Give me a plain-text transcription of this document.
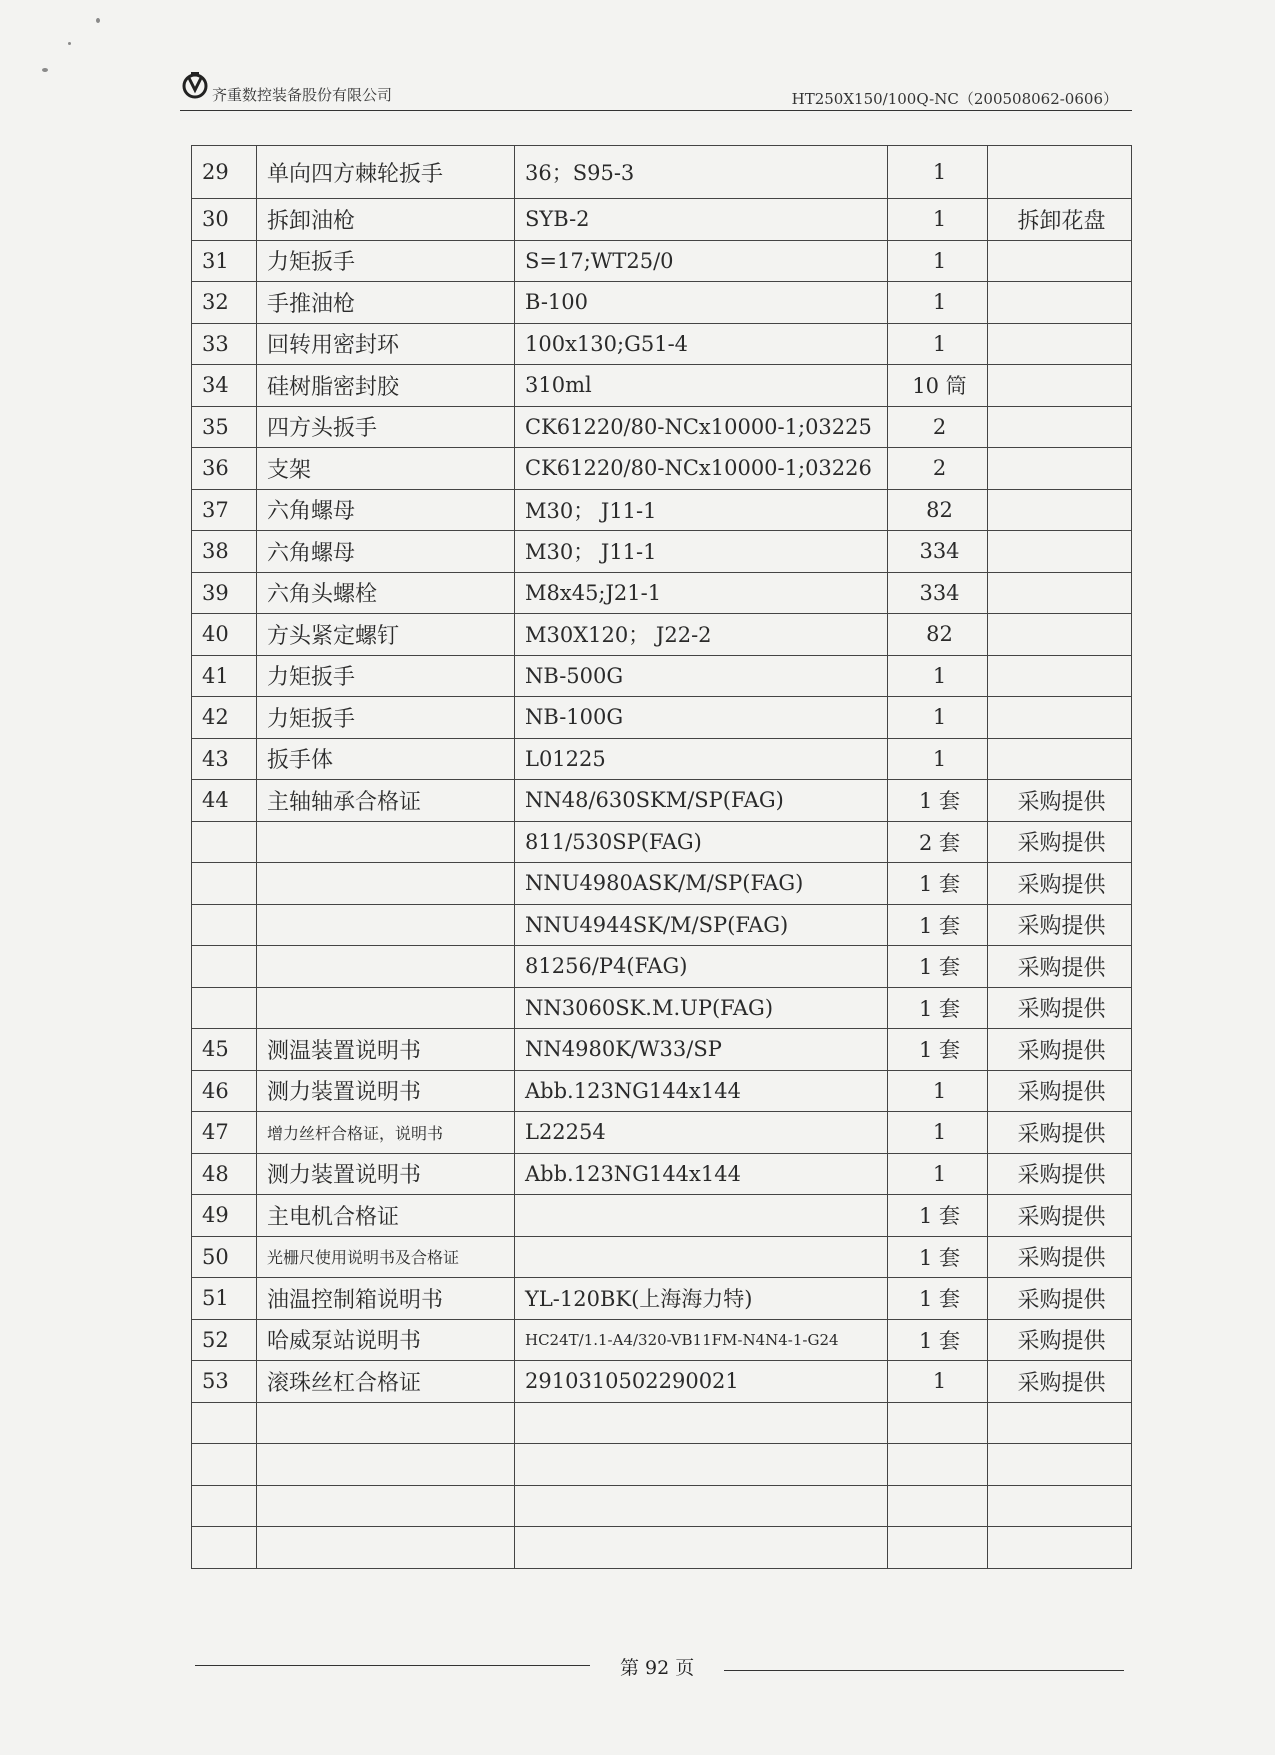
齐重数控装备股份有限公司	HT250X150/100Q-NC（200508062-0606）
29	单向四方棘轮扳手	36；S95-3	1	
30	拆卸油枪	SYB-2	1	拆卸花盘
31	力矩扳手	S=17;WT25/0	1	
32	手推油枪	B-100	1	
33	回转用密封环	100x130;G51-4	1	
34	硅树脂密封胶	310ml	10 筒	
35	四方头扳手	CK61220/80-NCx10000-1;03225	2	
36	支架	CK61220/80-NCx10000-1;03226	2	
37	六角螺母	M30； J11-1	82	
38	六角螺母	M30； J11-1	334	
39	六角头螺栓	M8x45;J21-1	334	
40	方头紧定螺钉	M30X120； J22-2	82	
41	力矩扳手	NB-500G	1	
42	力矩扳手	NB-100G	1	
43	扳手体	L01225	1	
44	主轴轴承合格证	NN48/630SKM/SP(FAG)	1 套	采购提供
		811/530SP(FAG)	2 套	采购提供
		NNU4980ASK/M/SP(FAG)	1 套	采购提供
		NNU4944SK/M/SP(FAG)	1 套	采购提供
		81256/P4(FAG)	1 套	采购提供
		NN3060SK.M.UP(FAG)	1 套	采购提供
45	测温装置说明书	NN4980K/W33/SP	1 套	采购提供
46	测力装置说明书	Abb.123NG144x144	1	采购提供
47	增力丝杆合格证，说明书	L22254	1	采购提供
48	测力装置说明书	Abb.123NG144x144	1	采购提供
49	主电机合格证		1 套	采购提供
50	光栅尺使用说明书及合格证		1 套	采购提供
51	油温控制箱说明书	YL-120BK(上海海力特)	1 套	采购提供
52	哈威泵站说明书	HC24T/1.1-A4/320-VB11FM-N4N4-1-G24	1 套	采购提供
53	滚珠丝杠合格证	2910310502290021	1	采购提供

第 92 页
